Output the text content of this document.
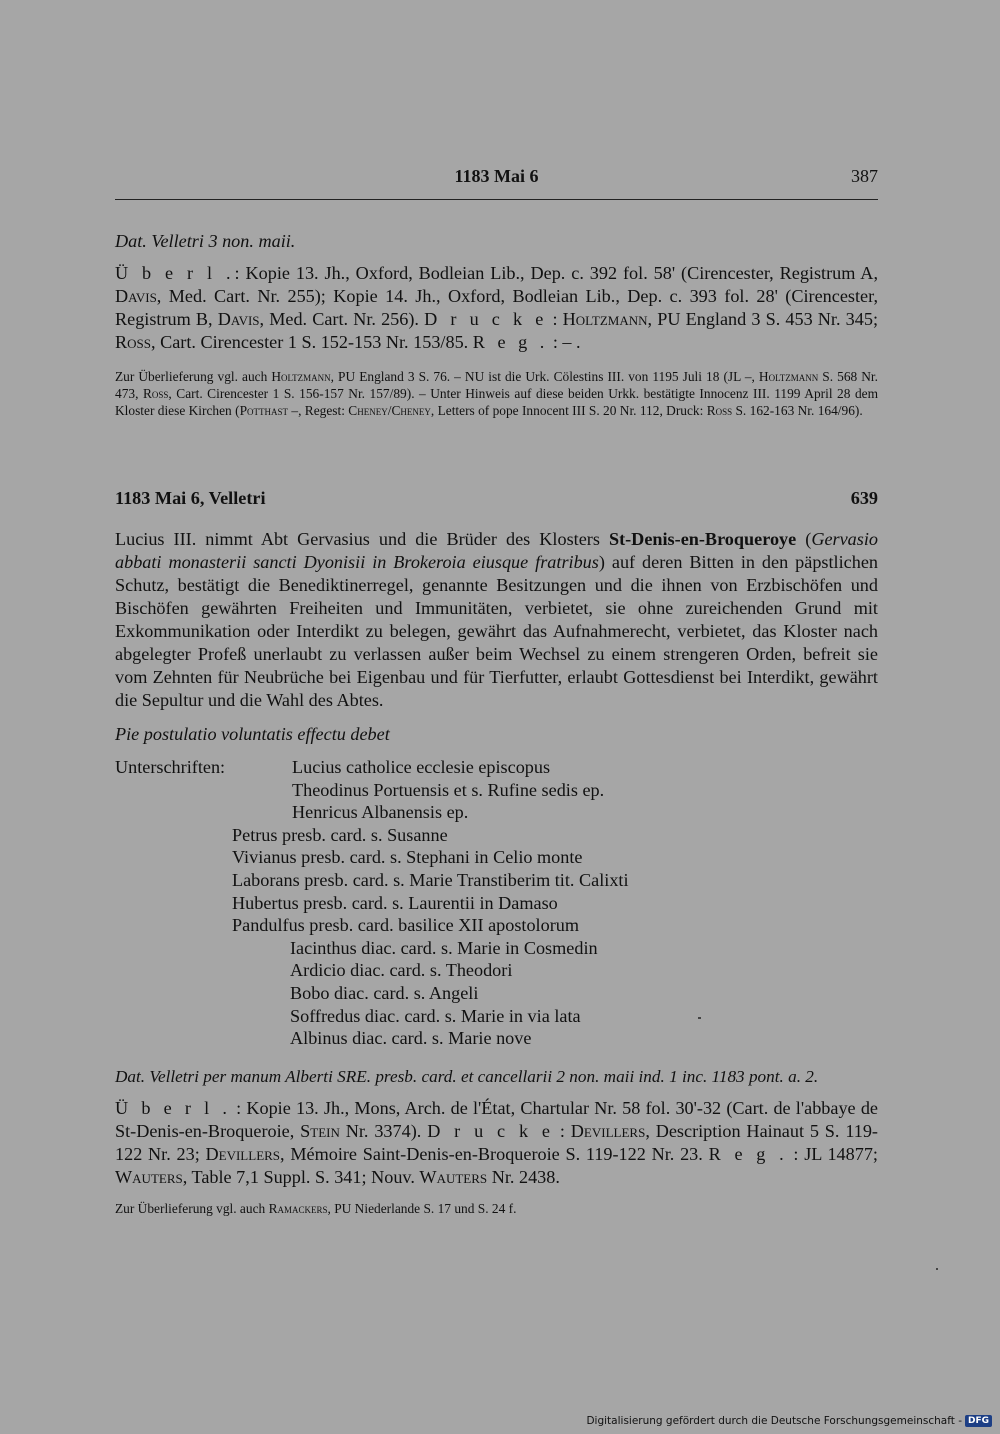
1183 Mai 6	387

Dat. Velletri 3 non. maii.

Ü b e r l .: Kopie 13. Jh., Oxford, Bodleian Lib., Dep. c. 392 fol. 58' (Cirencester, Registrum A, Davis, Med. Cart. Nr. 255); Kopie 14. Jh., Oxford, Bodleian Lib., Dep. c. 393 fol. 28' (Cirencester, Registrum B, Davis, Med. Cart. Nr. 256). D r u c k e : Holtzmann, PU England 3 S. 453 Nr. 345; Ross, Cart. Cirencester 1 S. 152-153 Nr. 153/85. R e g . : – .

Zur Überlieferung vgl. auch Holtzmann, PU England 3 S. 76. – NU ist die Urk. Cölestins III. von 1195 Juli 18 (JL –, Holtzmann S. 568 Nr. 473, Ross, Cart. Cirencester 1 S. 156-157 Nr. 157/89). – Unter Hinweis auf diese beiden Urkk. bestätigte Innocenz III. 1199 April 28 dem Kloster diese Kirchen (Potthast –, Regest: Cheney/Cheney, Letters of pope Innocent III S. 20 Nr. 112, Druck: Ross S. 162-163 Nr. 164/96).

1183 Mai 6, Velletri	639

Lucius III. nimmt Abt Gervasius und die Brüder des Klosters St-Denis-en-Broqueroye (Gervasio abbati monasterii sancti Dyonisii in Brokeroia eiusque fratribus) auf deren Bitten in den päpstlichen Schutz, bestätigt die Benediktinerregel, genannte Besitzungen und die ihnen von Erzbischöfen und Bischöfen gewährten Freiheiten und Immunitäten, verbietet, sie ohne zureichenden Grund mit Exkommunikation oder Interdikt zu belegen, gewährt das Aufnahmerecht, verbietet, das Kloster nach abgelegter Profeß unerlaubt zu verlassen außer beim Wechsel zu einem strengeren Orden, befreit sie vom Zehnten für Neubrüche bei Eigenbau und für Tierfutter, erlaubt Gottesdienst bei Interdikt, gewährt die Sepultur und die Wahl des Abtes.

Pie postulatio voluntatis effectu debet

Unterschriften:	Lucius catholice ecclesie episcopus
Theodinus Portuensis et s. Rufine sedis ep.
Henricus Albanensis ep.
Petrus presb. card. s. Susanne
Vivianus presb. card. s. Stephani in Celio monte
Laborans presb. card. s. Marie Transtiberim tit. Calixti
Hubertus presb. card. s. Laurentii in Damaso
Pandulfus presb. card. basilice XII apostolorum
Iacinthus diac. card. s. Marie in Cosmedin
Ardicio diac. card. s. Theodori
Bobo diac. card. s. Angeli
Soffredus diac. card. s. Marie in via lata
Albinus diac. card. s. Marie nove

Dat. Velletri per manum Alberti SRE. presb. card. et cancellarii 2 non. maii ind. 1 inc. 1183 pont. a. 2.

Ü b e r l . : Kopie 13. Jh., Mons, Arch. de l'État, Chartular Nr. 58 fol. 30'-32 (Cart. de l'abbaye de St-Denis-en-Broqueroie, Stein Nr. 3374). D r u c k e : Devillers, Description Hainaut 5 S. 119-122 Nr. 23; Devillers, Mémoire Saint-Denis-en-Broqueroie S. 119-122 Nr. 23. R e g . : JL 14877; Wauters, Table 7,1 Suppl. S. 341; Nouv. Wauters Nr. 2438.

Zur Überlieferung vgl. auch Ramackers, PU Niederlande S. 17 und S. 24 f.

Digitalisierung gefördert durch die Deutsche Forschungsgemeinschaft - DFG
